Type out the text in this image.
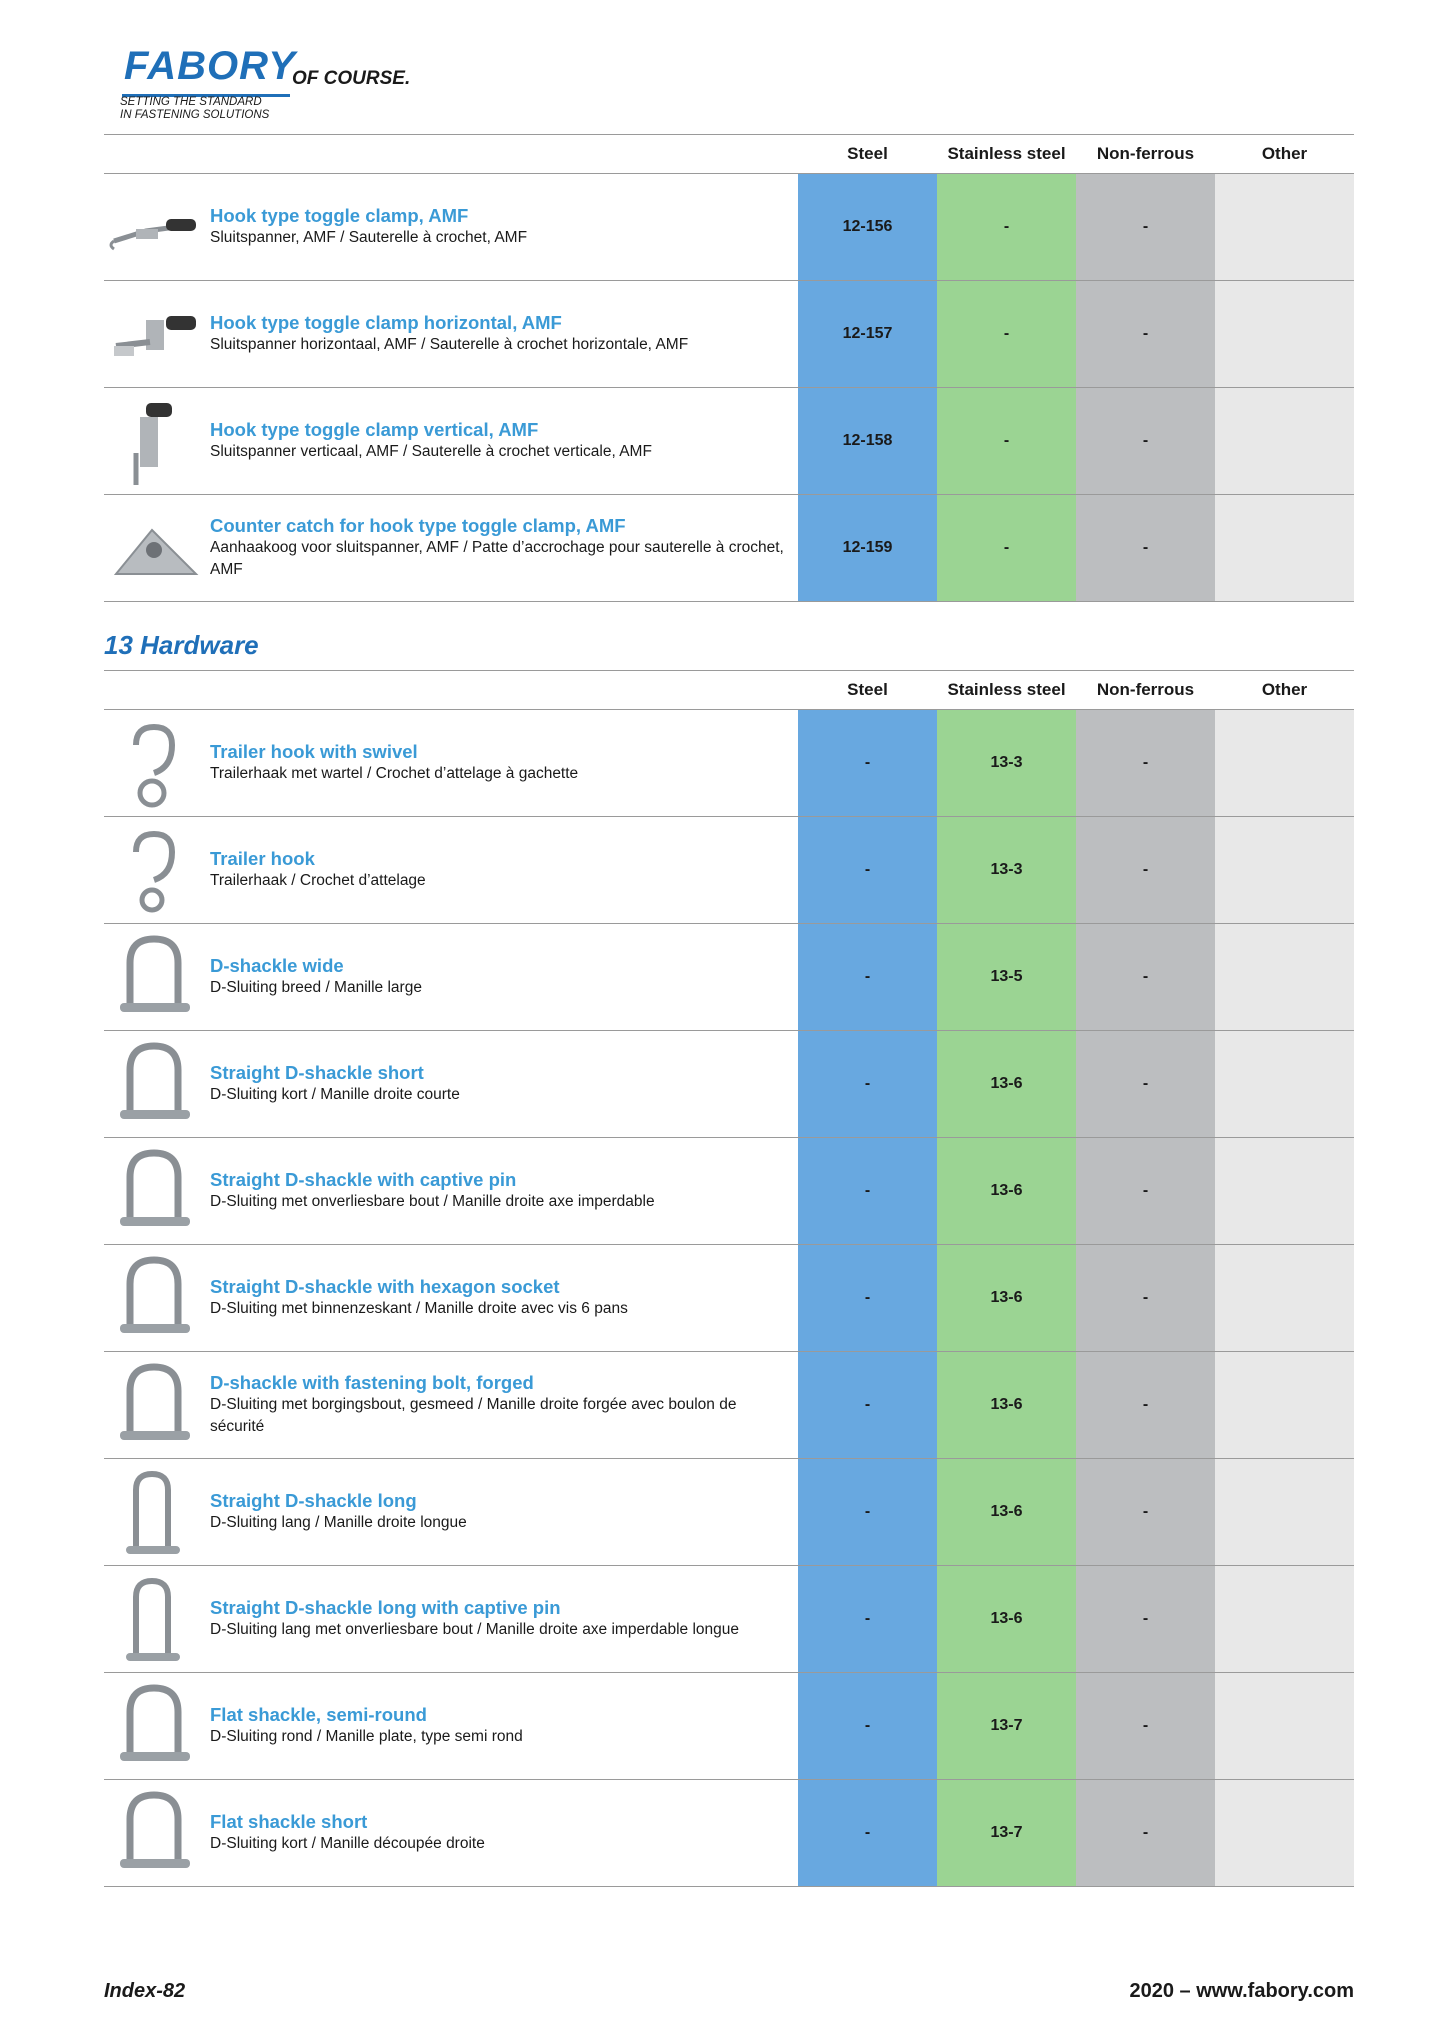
FABORY
OF COURSE.
SETTING THE STANDARD
IN FASTENING SOLUTIONS
Steel	Stainless steel	Non-ferrous	Other
Hook type toggle clamp, AMF
Sluitspanner, AMF / Sauterelle à crochet, AMF
12-156	-	-
Hook type toggle clamp horizontal, AMF
Sluitspanner horizontaal, AMF / Sauterelle à crochet horizontale, AMF
12-157	-	-
Hook type toggle clamp vertical, AMF
Sluitspanner verticaal, AMF / Sauterelle à crochet verticale, AMF
12-158	-	-
Counter catch for hook type toggle clamp, AMF
Aanhaakoog voor sluitspanner, AMF / Patte d’accrochage pour sauterelle à crochet, AMF
12-159	-	-
13 Hardware
Steel	Stainless steel	Non-ferrous	Other
Trailer hook with swivel
Trailerhaak met wartel / Crochet d’attelage à gachette
-	13-3	-
Trailer hook
Trailerhaak / Crochet d’attelage
-	13-3	-
D-shackle wide
D-Sluiting breed / Manille large
-	13-5	-
Straight D-shackle short
D-Sluiting kort / Manille droite courte
-	13-6	-
Straight D-shackle with captive pin
D-Sluiting met onverliesbare bout / Manille droite axe imperdable
-	13-6	-
Straight D-shackle with hexagon socket
D-Sluiting met binnenzeskant / Manille droite avec vis 6 pans
-	13-6	-
D-shackle with fastening bolt, forged
D-Sluiting met borgingsbout, gesmeed / Manille droite forgée avec boulon de sécurité
-	13-6	-
Straight D-shackle long
D-Sluiting lang / Manille droite longue
-	13-6	-
Straight D-shackle long with captive pin
D-Sluiting lang met onverliesbare bout / Manille droite axe imperdable longue
-	13-6	-
Flat shackle, semi-round
D-Sluiting rond / Manille plate, type semi rond
-	13-7	-
Flat shackle short
D-Sluiting kort / Manille découpée droite
-	13-7	-
Index-82	2020 – www.fabory.com
